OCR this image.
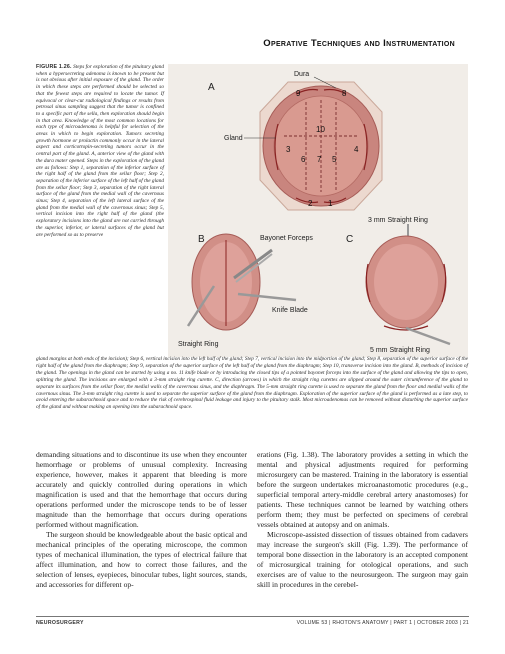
Operative Techniques and Instrumentation
FIGURE 1.26. Steps for exploration of the pituitary gland when a hypersecreting adenoma is known to be present but is not obvious after initial exposure of the gland. The order in which these steps are performed should be selected so that the fewest steps are required to locate the tumor. If equivocal or clear-cut radiological findings or results from petrosal sinus sampling suggest that the tumor is confined to a specific part of the sella, then exploration should begin in that area. Knowledge of the most common locations for each type of microadenoma is helpful for selection of the areas in which to begin exploration. Tumors secreting growth hormone or prolactin commonly occur in the lateral aspect and corticotropin-secreting tumors occur in the central part of the gland. A, anterior view of the gland with the dura mater opened. Steps in the exploration of the gland are as follows: Step 1, separation of the inferior surface of the right half of the gland from the sellar floor; Step 2, separation of the inferior surface of the left half of the gland from the sellar floor; Step 3, separation of the right lateral surface of the gland from the medial wall of the cavernous sinus; Step 4, separation of the left lateral surface of the gland from the medial wall of the cavernous sinus; Step 5, vertical incision into the right half of the gland (the exploratory incisions into the gland are not carried through the superior, inferior, or lateral surfaces of the gland but are performed so as to preserve
9	8
3	4
10
6 7 5
2 1
A
Dura
Gland
B	Bayonet Forceps
Knife Blade
Straight Ring
C
3 mm Straight Ring
5 mm Straight Ring
gland margins at both ends of the incision); Step 6, vertical incision into the left half of the gland; Step 7, vertical incision into the midportion of the gland; Step 8, separation of the superior surface of the right half of the gland from the diaphragm; Step 9, separation of the superior surface of the left half of the gland from the diaphragm; Step 10, transverse incision into the gland. B, methods of incision of the gland. The openings in the gland can be started by using a no. 11 knife blade or by introducing the closed tips of a pointed bayonet forceps into the surface of the gland and allowing the tips to open, splitting the gland. The incisions are enlarged with a 3-mm straight ring curette. C, direction (arrows) in which the straight ring curettes are slipped around the outer circumference of the gland to separate its surfaces from the sellar floor, the medial walls of the cavernous sinus, and the diaphragm. The 5-mm straight ring curette is used to separate the gland from the floor and medial walls of the cavernous sinus. The 3-mm straight ring curette is used to separate the superior surface of the gland from the diaphragm. Exploration of the superior surface of the gland is performed as a late step, to avoid entering the subarachnoid space and to reduce the risk of cerebrospinal fluid leakage and injury to the pituitary stalk. Most microadenomas can be removed without disturbing the superior surface of the gland and without making an opening into the subarachnoid space.

demanding situations and to discontinue its use when they encounter hemorrhage or problems of unusual complexity. Increasing experience, however, makes it apparent that bleeding is more accurately and quickly controlled during operations in which magnification is used and that the hemorrhage that occurs during operations performed under the microscope tends to be of lesser magnitude than the hemorrhage that occurs during operations performed without magnification.

The surgeon should be knowledgeable about the basic optical and mechanical principles of the operating microscope, the common types of mechanical illumination, the types of electrical failure that affect illumination, and how to correct those failures, and the selection of lenses, eyepieces, binocular tubes, light sources, stands, and accessories for different op-

erations (Fig. 1.38). The laboratory provides a setting in which the mental and physical adjustments required for performing microsurgery can be mastered. Training in the laboratory is essential before the surgeon undertakes microanastomotic procedures (e.g., superficial temporal artery-middle cerebral artery anastomoses) for patients. These techniques cannot be learned by watching others perform them; they must be perfected on specimens of cerebral vessels obtained at autopsy and on animals.

Microscope-assisted dissection of tissues obtained from cadavers may increase the surgeon's skill (Fig. 1.39). The performance of temporal bone dissection in the laboratory is an accepted component of microsurgical training for otological operations, and such exercises are of value to the neurosurgeon. The surgeon may gain skill in procedures in the cerebel-

NEUROSURGERY	VOLUME 53 | RHOTON'S ANATOMY | PART 1 | OCTOBER 2003 | 21
